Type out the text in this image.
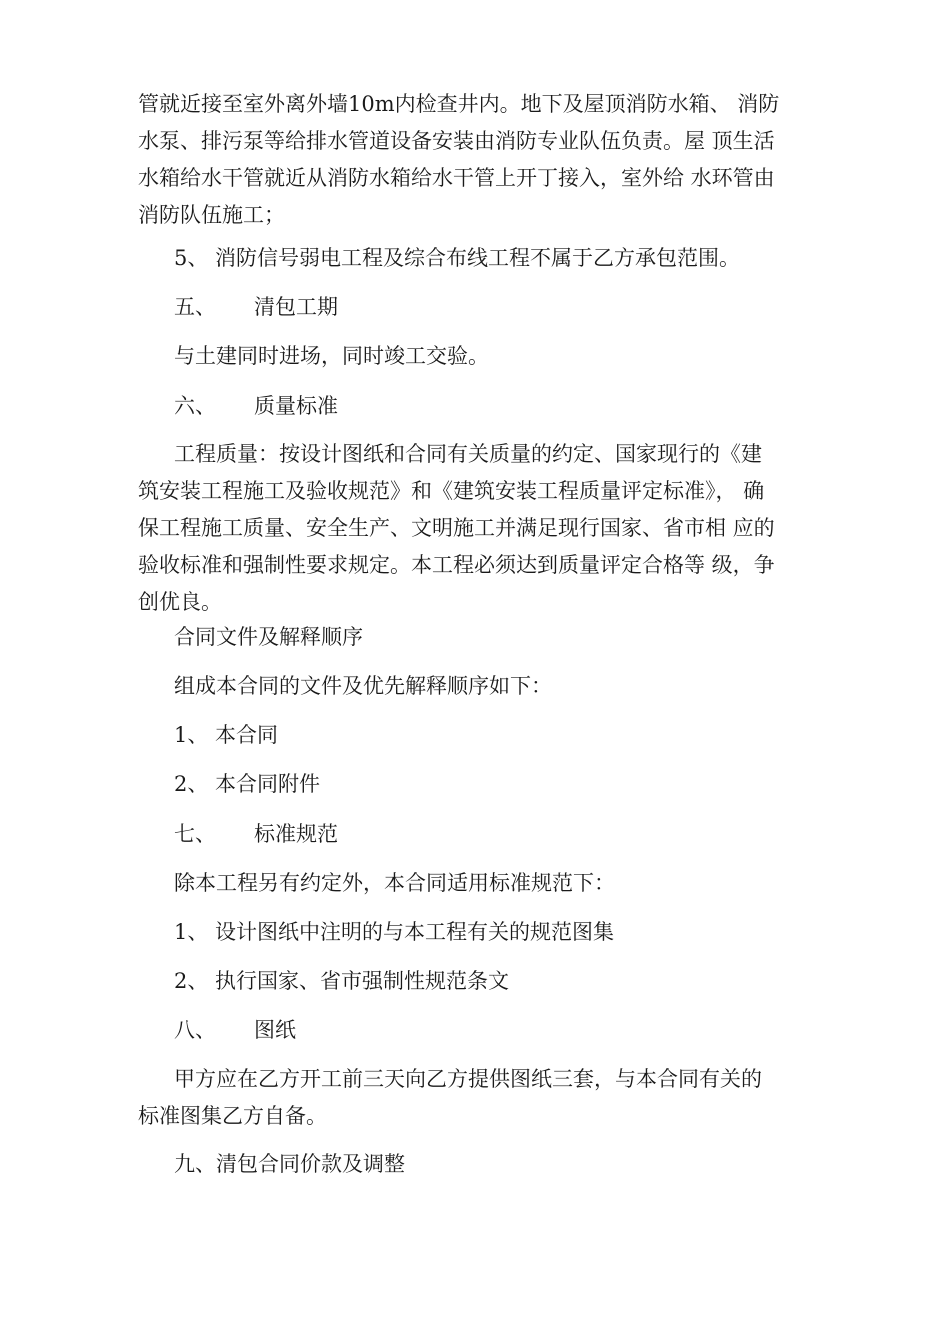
管就近接至室外离外墙10m内检查井内。地下及屋顶消防水箱、 消防
水泵、排污泵等给排水管道设备安装由消防专业队伍负责。屋 顶生活
水箱给水干管就近从消防水箱给水干管上开丁接入，室外给 水环管由
消防队伍施工；
5、 消防信号弱电工程及综合布线工程不属于乙方承包范围。
五、 清包工期
与土建同时进场，同时竣工交验。
六、 质量标准
工程质量：按设计图纸和合同有关质量的约定、国家现行的《建
筑安装工程施工及验收规范》和《建筑安装工程质量评定标准》， 确
保工程施工质量、安全生产、文明施工并满足现行国家、省市相 应的
验收标准和强制性要求规定。本工程必须达到质量评定合格等 级，争
创优良。
合同文件及解释顺序
组成本合同的文件及优先解释顺序如下：
1、 本合同
2、 本合同附件
七、 标准规范
除本工程另有约定外，本合同适用标准规范下：
1、 设计图纸中注明的与本工程有关的规范图集
2、 执行国家、省市强制性规范条文
八、 图纸
甲方应在乙方开工前三天向乙方提供图纸三套，与本合同有关的
标准图集乙方自备。
九、清包合同价款及调整
